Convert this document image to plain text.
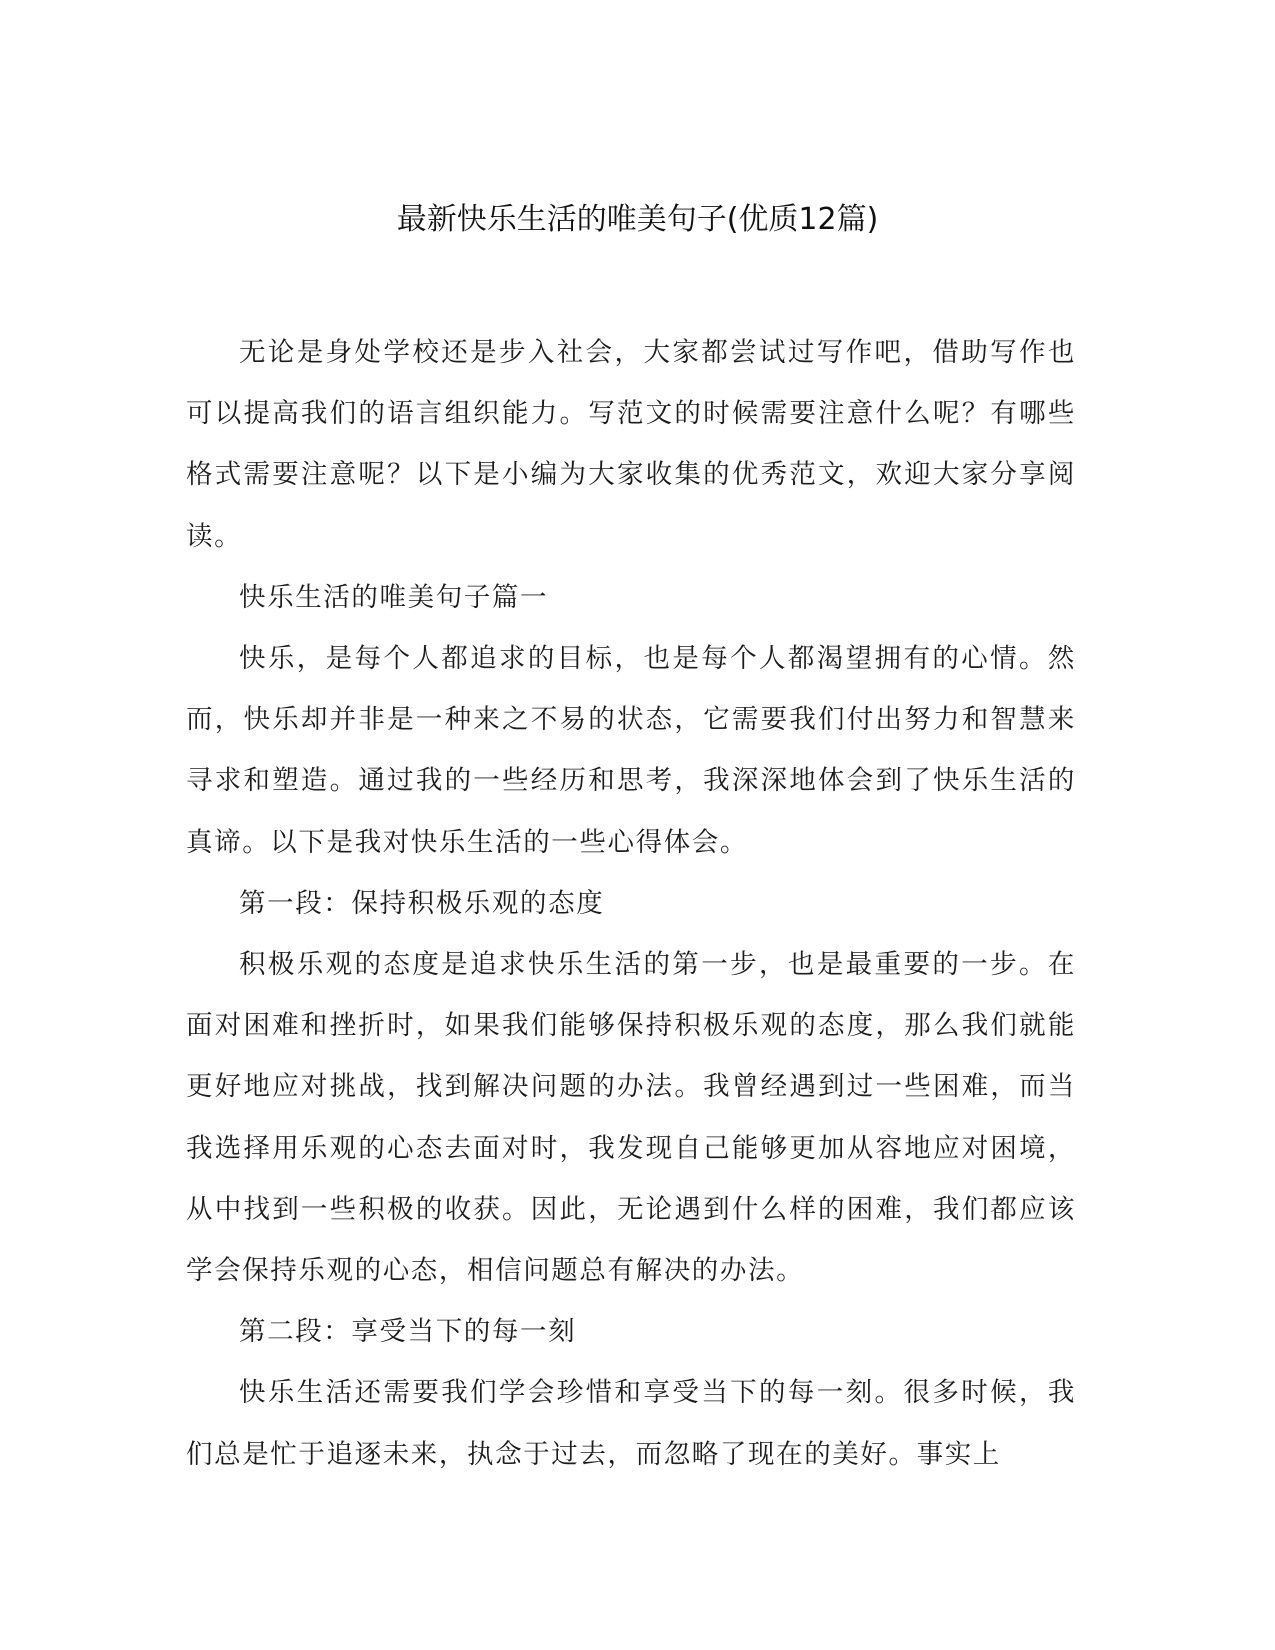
最新快乐生活的唯美句子(优质12篇)

无论是身处学校还是步入社会，大家都尝试过写作吧，借助写作也可以提高我们的语言组织能力。写范文的时候需要注意什么呢？有哪些格式需要注意呢？以下是小编为大家收集的优秀范文，欢迎大家分享阅读。

快乐生活的唯美句子篇一

快乐，是每个人都追求的目标，也是每个人都渴望拥有的心情。然而，快乐却并非是一种来之不易的状态，它需要我们付出努力和智慧来寻求和塑造。通过我的一些经历和思考，我深深地体会到了快乐生活的真谛。以下是我对快乐生活的一些心得体会。

第一段：保持积极乐观的态度

积极乐观的态度是追求快乐生活的第一步，也是最重要的一步。在面对困难和挫折时，如果我们能够保持积极乐观的态度，那么我们就能更好地应对挑战，找到解决问题的办法。我曾经遇到过一些困难，而当我选择用乐观的心态去面对时，我发现自己能够更加从容地应对困境，从中找到一些积极的收获。因此，无论遇到什么样的困难，我们都应该学会保持乐观的心态，相信问题总有解决的办法。

第二段：享受当下的每一刻

快乐生活还需要我们学会珍惜和享受当下的每一刻。很多时候，我们总是忙于追逐未来，执念于过去，而忽略了现在的美好。事实上
